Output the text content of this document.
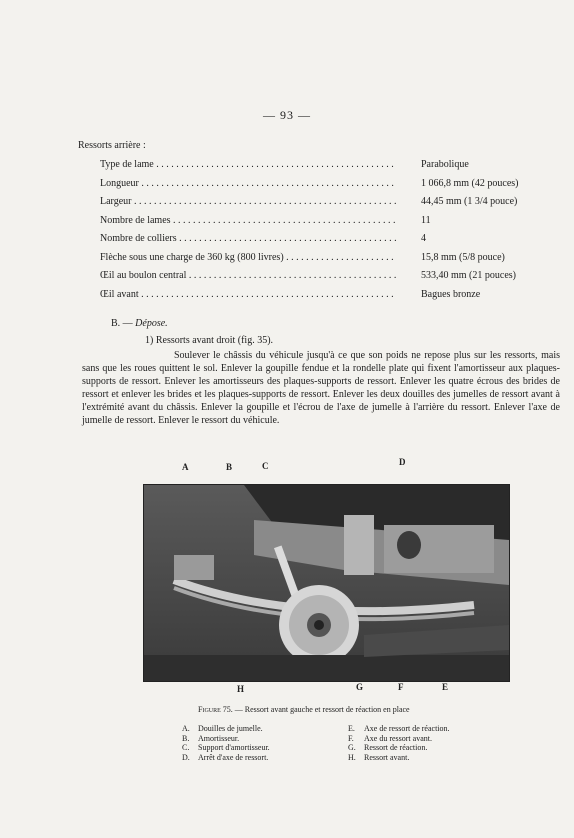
— 93 —
Ressorts arrière :
Type de lame . . .	Parabolique
Longueur . . .	1 066,8 mm (42 pouces)
Largeur . . .	44,45 mm (1 3/4 pouce)
Nombre de lames . . .	11
Nombre de colliers . . .	4
Flèche sous une charge de 360 kg (800 livres) . . .	15,8 mm (5/8 pouce)
Œil au boulon central . . .	533,40 mm (21 pouces)
Œil avant . . .	Bagues bronze
B. — Dépose.
1) Ressorts avant droit (fig. 35).
Soulever le châssis du véhicule jusqu'à ce que son poids ne repose plus sur les ressorts, mais sans que les roues quittent le sol. Enlever la goupille fendue et la rondelle plate qui fixent l'amortisseur aux plaques-supports de ressort. Enlever les amortisseurs des plaques-supports de ressort. Enlever les quatre écrous des brides de ressort et enlever les brides et les plaques-supports de ressort. Enlever les deux douilles des jumelles de ressort avant à l'extrémité avant du châssis. Enlever la goupille et l'écrou de l'axe de jumelle à l'arrière du ressort. Enlever l'axe de jumelle de ressort. Enlever le ressort du véhicule.
A	B	C	D
H	G	F	E
Figure 75. — Ressort avant gauche et ressort de réaction en place
A. Douilles de jumelle.
B. Amortisseur.
C. Support d'amortisseur.
D. Arrêt d'axe de ressort.
E. Axe de ressort de réaction.
F. Axe du ressort avant.
G. Ressort de réaction.
H. Ressort avant.
